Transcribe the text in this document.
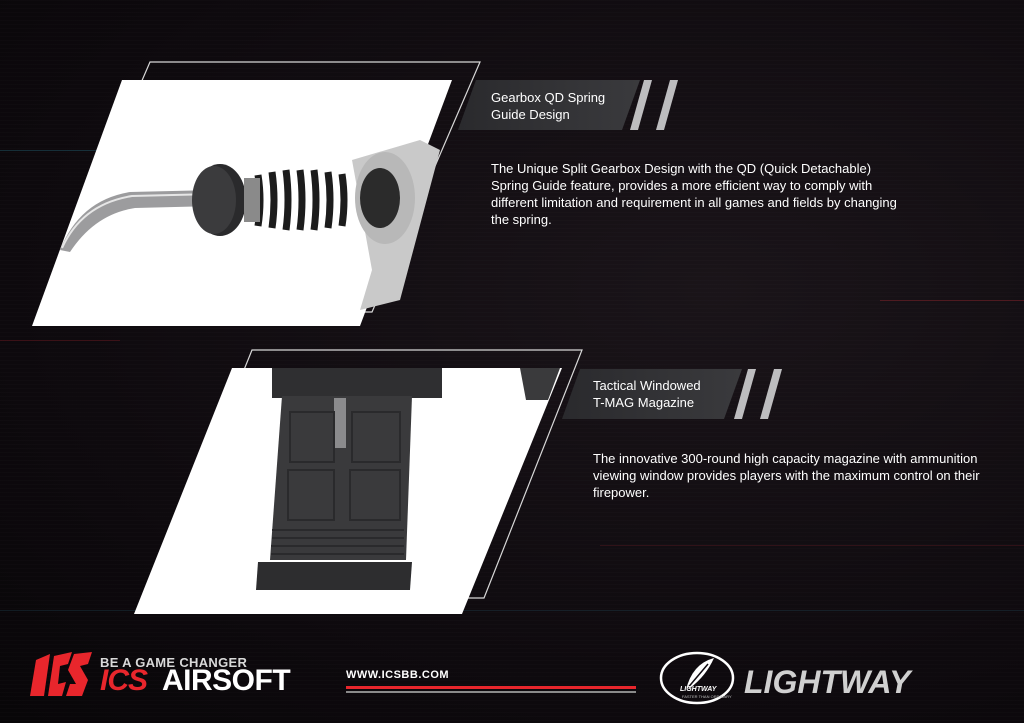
Gearbox QD Spring
Guide Design
The Unique Split Gearbox Design with the QD (Quick Detachable) Spring Guide feature, provides a more efficient way to comply with different limitation and requirement in all games and fields by changing the spring.
Tactical Windowed
T-MAG Magazine
The innovative 300-round high capacity magazine with ammunition viewing window provides players with the maximum control on their firepower.
BE A GAME CHANGER
ICS AIRSOFT	WWW.ICSBB.COM
LIGHTWAY
FASTER THAN ORDINARY LIGHTWAY
